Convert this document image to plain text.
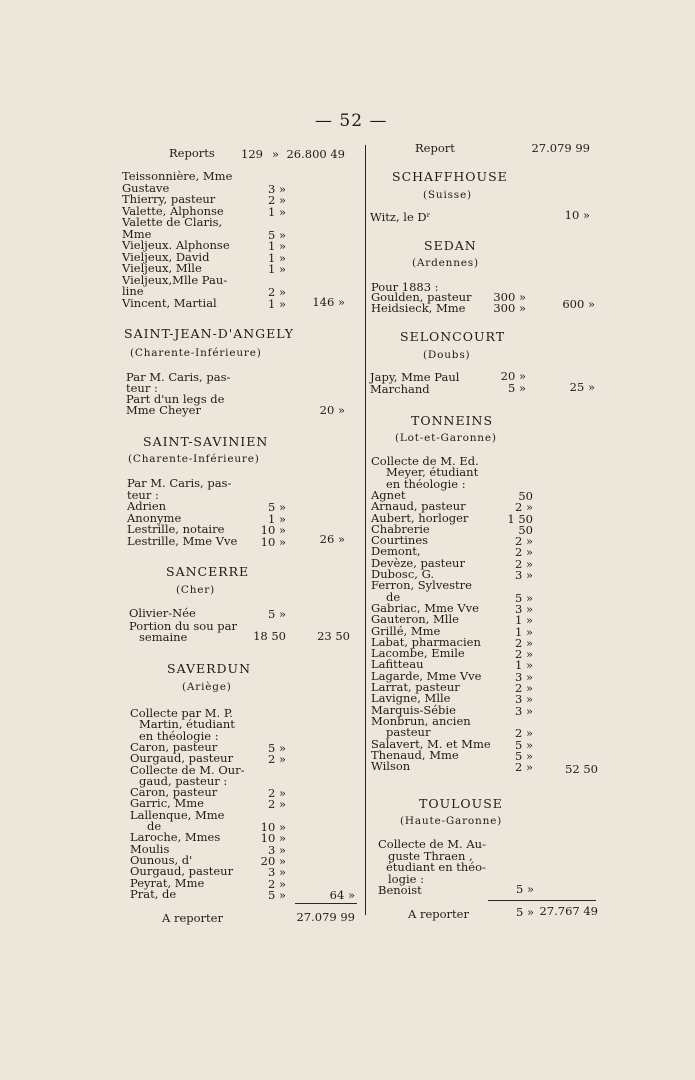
— 52 —
Reports	129 » 26.800 49
Teissonnière, Mme
Gustave	3 »
Thierry, pasteur	2 »
Valette, Alphonse	1 »
Valette de Claris,
Mme	5 »
Vieljeux. Alphonse	1 »
Vieljeux, David	1 »
Vieljeux, Mlle	1 »
Vieljeux,Mlle Pau-
line	2 »
Vincent, Martial	1 »	146 »
SAINT-JEAN-D'ANGELY
(Charente-Inférieure)
Par M. Caris, pas-
teur :
Part d'un legs de
Mme Cheyer	20 »
SAINT-SAVINIEN
(Charente-Inférieure)
Par M. Caris, pas-
teur :
Adrien	5 »
Anonyme	1 »
Lestrille, notaire	10 »
Lestrille, Mme Vve	10 »	26 »
SANCERRE
(Cher)
Olivier-Née	5 »
Portion du sou par
semaine	18 50	23 50
SAVERDUN
(Ariège)
Collecte par M. P.
Martin, étudiant
en théologie :
Caron, pasteur	5 »
Ourgaud, pasteur	2 »
Collecte de M. Our-
gaud, pasteur :
Caron, pasteur	2 »
Garric, Mme	2 »
Lallenque, Mme
de	10 »
Laroche, Mmes	10 »
Moulis	3 »
Ounous, d'	20 »
Ourgaud, pasteur	3 »
Peyrat, Mme	2 »
Prat, de	5 »	64 »
A reporter	27.079 99
Report	27.079 99
SCHAFFHOUSE
(Suisse)
Witz, le Dʳ	10 »
SEDAN
(Ardennes)
Pour 1883 :
Goulden, pasteur	300 »
Heidsieck, Mme	300 »	600 »
SELONCOURT
(Doubs)
Japy, Mme Paul	20 »
Marchand	5 »	25 »
TONNEINS
(Lot-et-Garonne)
Collecte de M. Ed.
Meyer, étudiant
en théologie :
Agnet	50
Arnaud, pasteur	2 »
Aubert, horloger	1 50
Chabrerie	50
Courtines	2 »
Demont,	2 »
Devèze, pasteur	2 »
Dubosc, G.	3 »
Ferron, Sylvestre
de	5 »
Gabriac, Mme Vve	3 »
Gauteron, Mlle	1 »
Grillé, Mme	1 »
Labat, pharmacien	2 »
Lacombe, Emile	2 »
Lafitteau	1 »
Lagarde, Mme Vve	3 »
Larrat, pasteur	2 »
Lavigne, Mlle	3 »
Marquis-Sébie	3 »
Monbrun, ancien
pasteur	2 »
Salavert, M. et Mme	5 »
Thenaud, Mme	5 »
Wilson	2 »	52 50
TOULOUSE
(Haute-Garonne)
Collecte de M. Au-
guste Thraen ,
étudiant en théo-
logie :
Benoist	5 »
A reporter	5 » 27.767 49
